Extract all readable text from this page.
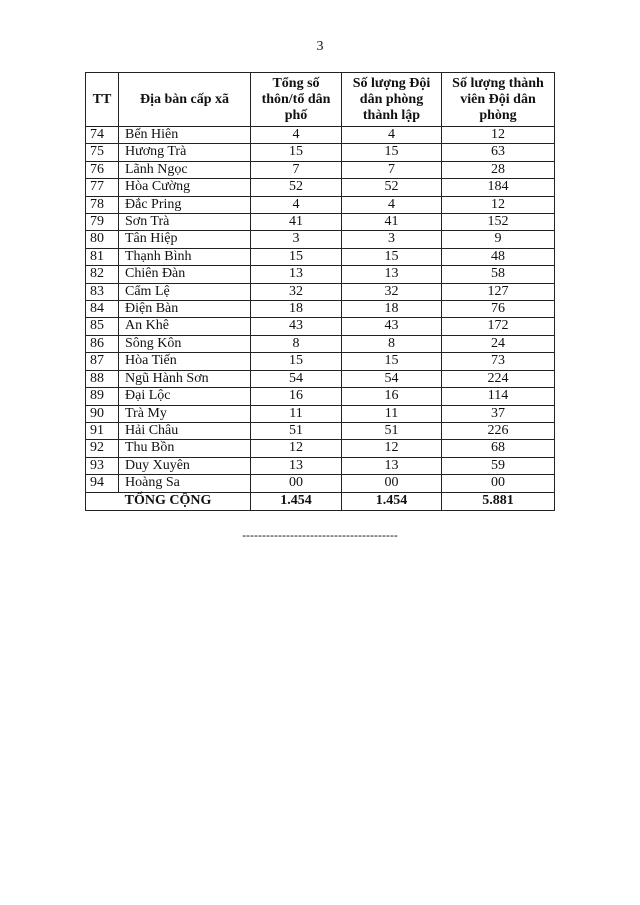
3
TT	Địa bàn cấp xã	Tổng số thôn/tổ dân phố	Số lượng Đội dân phòng thành lập	Số lượng thành viên Đội dân phòng
74	Bến Hiên	4	4	12
75	Hương Trà	15	15	63
76	Lãnh Ngọc	7	7	28
77	Hòa Cường	52	52	184
78	Đắc Pring	4	4	12
79	Sơn Trà	41	41	152
80	Tân Hiệp	3	3	9
81	Thạnh Bình	15	15	48
82	Chiên Đàn	13	13	58
83	Cẩm Lệ	32	32	127
84	Điện Bàn	18	18	76
85	An Khê	43	43	172
86	Sông Kôn	8	8	24
87	Hòa Tiến	15	15	73
88	Ngũ Hành Sơn	54	54	224
89	Đại Lộc	16	16	114
90	Trà My	11	11	37
91	Hải Châu	51	51	226
92	Thu Bồn	12	12	68
93	Duy Xuyên	13	13	59
94	Hoàng Sa	00	00	00
TỔNG CỘNG		1.454	1.454	5.881
---------------------------------------
